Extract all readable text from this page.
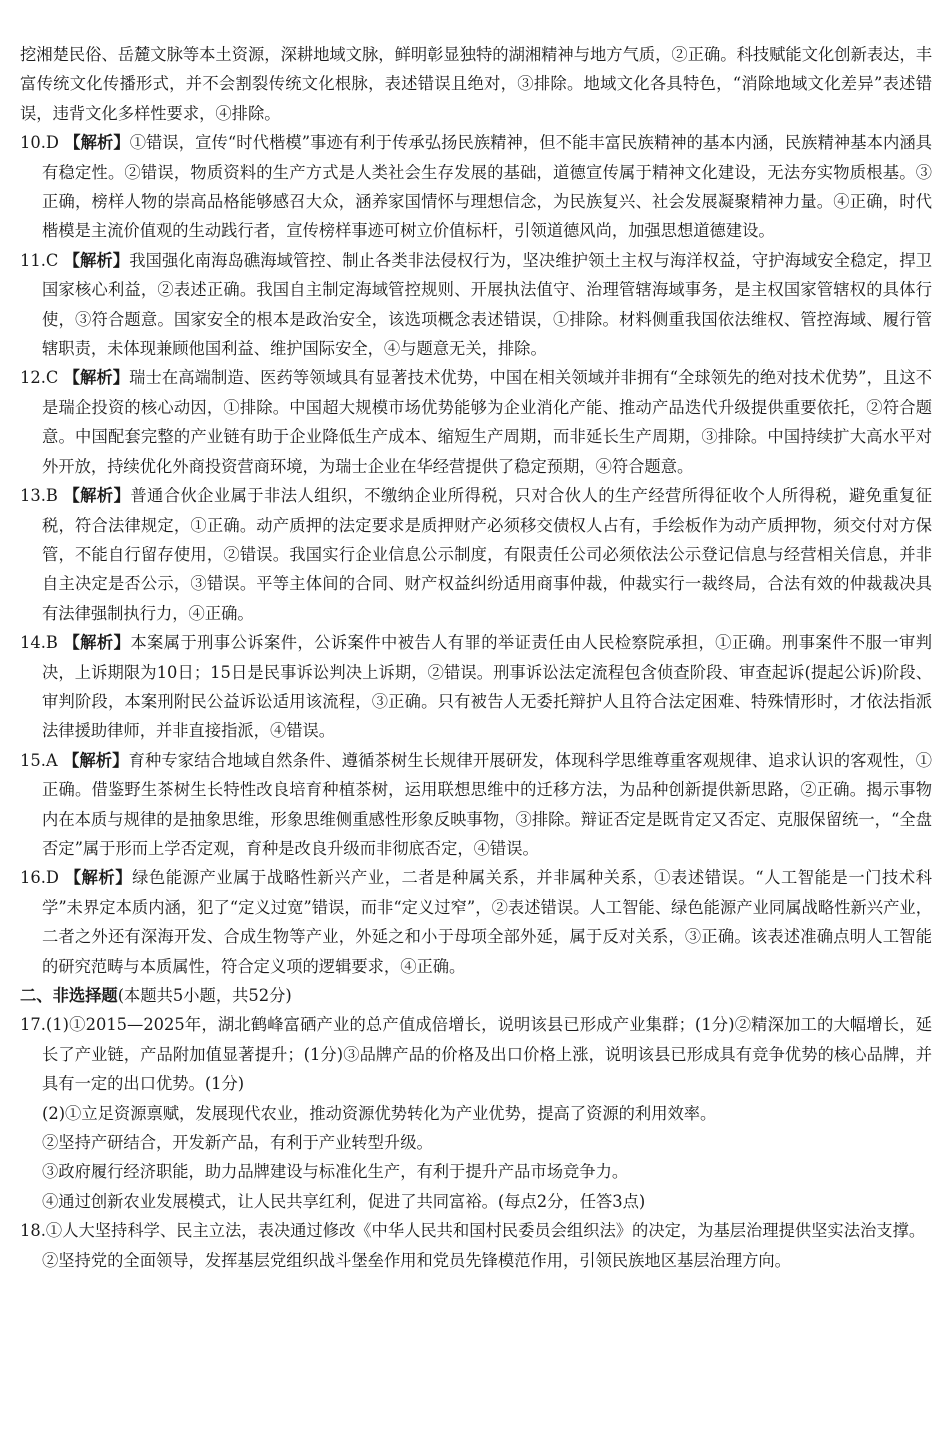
挖湘楚民俗、岳麓文脉等本土资源，深耕地域文脉，鲜明彰显独特的湖湘精神与地方气质，②正确。科技赋能文化创新表达，丰富传统文化传播形式，并不会割裂传统文化根脉，表述错误且绝对，③排除。地域文化各具特色，“消除地域文化差异”表述错误，违背文化多样性要求，④排除。

10.D 【解析】①错误，宣传“时代楷模”事迹有利于传承弘扬民族精神，但不能丰富民族精神的基本内涵，民族精神基本内涵具有稳定性。②错误，物质资料的生产方式是人类社会生存发展的基础，道德宣传属于精神文化建设，无法夯实物质根基。③正确，榜样人物的崇高品格能够感召大众，涵养家国情怀与理想信念，为民族复兴、社会发展凝聚精神力量。④正确，时代楷模是主流价值观的生动践行者，宣传榜样事迹可树立价值标杆，引领道德风尚，加强思想道德建设。

11.C 【解析】我国强化南海岛礁海域管控、制止各类非法侵权行为，坚决维护领土主权与海洋权益，守护海域安全稳定，捍卫国家核心利益，②表述正确。我国自主制定海域管控规则、开展执法值守、治理管辖海域事务，是主权国家管辖权的具体行使，③符合题意。国家安全的根本是政治安全，该选项概念表述错误，①排除。材料侧重我国依法维权、管控海域、履行管辖职责，未体现兼顾他国利益、维护国际安全，④与题意无关，排除。

12.C 【解析】瑞士在高端制造、医药等领域具有显著技术优势，中国在相关领域并非拥有“全球领先的绝对技术优势”，且这不是瑞企投资的核心动因，①排除。中国超大规模市场优势能够为企业消化产能、推动产品迭代升级提供重要依托，②符合题意。中国配套完整的产业链有助于企业降低生产成本、缩短生产周期，而非延长生产周期，③排除。中国持续扩大高水平对外开放，持续优化外商投资营商环境，为瑞士企业在华经营提供了稳定预期，④符合题意。

13.B 【解析】普通合伙企业属于非法人组织，不缴纳企业所得税，只对合伙人的生产经营所得征收个人所得税，避免重复征税，符合法律规定，①正确。动产质押的法定要求是质押财产必须移交债权人占有，手绘板作为动产质押物，须交付对方保管，不能自行留存使用，②错误。我国实行企业信息公示制度，有限责任公司必须依法公示登记信息与经营相关信息，并非自主决定是否公示，③错误。平等主体间的合同、财产权益纠纷适用商事仲裁，仲裁实行一裁终局，合法有效的仲裁裁决具有法律强制执行力，④正确。

14.B 【解析】本案属于刑事公诉案件，公诉案件中被告人有罪的举证责任由人民检察院承担，①正确。刑事案件不服一审判决，上诉期限为10日；15日是民事诉讼判决上诉期，②错误。刑事诉讼法定流程包含侦查阶段、审查起诉(提起公诉)阶段、审判阶段，本案刑附民公益诉讼适用该流程，③正确。只有被告人无委托辩护人且符合法定困难、特殊情形时，才依法指派法律援助律师，并非直接指派，④错误。

15.A 【解析】育种专家结合地域自然条件、遵循茶树生长规律开展研发，体现科学思维尊重客观规律、追求认识的客观性，①正确。借鉴野生茶树生长特性改良培育种植茶树，运用联想思维中的迁移方法，为品种创新提供新思路，②正确。揭示事物内在本质与规律的是抽象思维，形象思维侧重感性形象反映事物，③排除。辩证否定是既肯定又否定、克服保留统一，“全盘否定”属于形而上学否定观，育种是改良升级而非彻底否定，④错误。

16.D 【解析】绿色能源产业属于战略性新兴产业，二者是种属关系，并非属种关系，①表述错误。“人工智能是一门技术科学”未界定本质内涵，犯了“定义过宽”错误，而非“定义过窄”，②表述错误。人工智能、绿色能源产业同属战略性新兴产业，二者之外还有深海开发、合成生物等产业，外延之和小于母项全部外延，属于反对关系，③正确。该表述准确点明人工智能的研究范畴与本质属性，符合定义项的逻辑要求，④正确。

二、非选择题(本题共5小题，共52分)

17.(1)①2015—2025年，湖北鹤峰富硒产业的总产值成倍增长，说明该县已形成产业集群；(1分)②精深加工的大幅增长，延长了产业链，产品附加值显著提升；(1分)③品牌产品的价格及出口价格上涨，说明该县已形成具有竞争优势的核心品牌，并具有一定的出口优势。(1分)

(2)①立足资源禀赋，发展现代农业，推动资源优势转化为产业优势，提高了资源的利用效率。

②坚持产研结合，开发新产品，有利于产业转型升级。

③政府履行经济职能，助力品牌建设与标准化生产，有利于提升产品市场竞争力。

④通过创新农业发展模式，让人民共享红利，促进了共同富裕。(每点2分，任答3点)

18.①人大坚持科学、民主立法，表决通过修改《中华人民共和国村民委员会组织法》的决定，为基层治理提供坚实法治支撑。

②坚持党的全面领导，发挥基层党组织战斗堡垒作用和党员先锋模范作用，引领民族地区基层治理方向。
